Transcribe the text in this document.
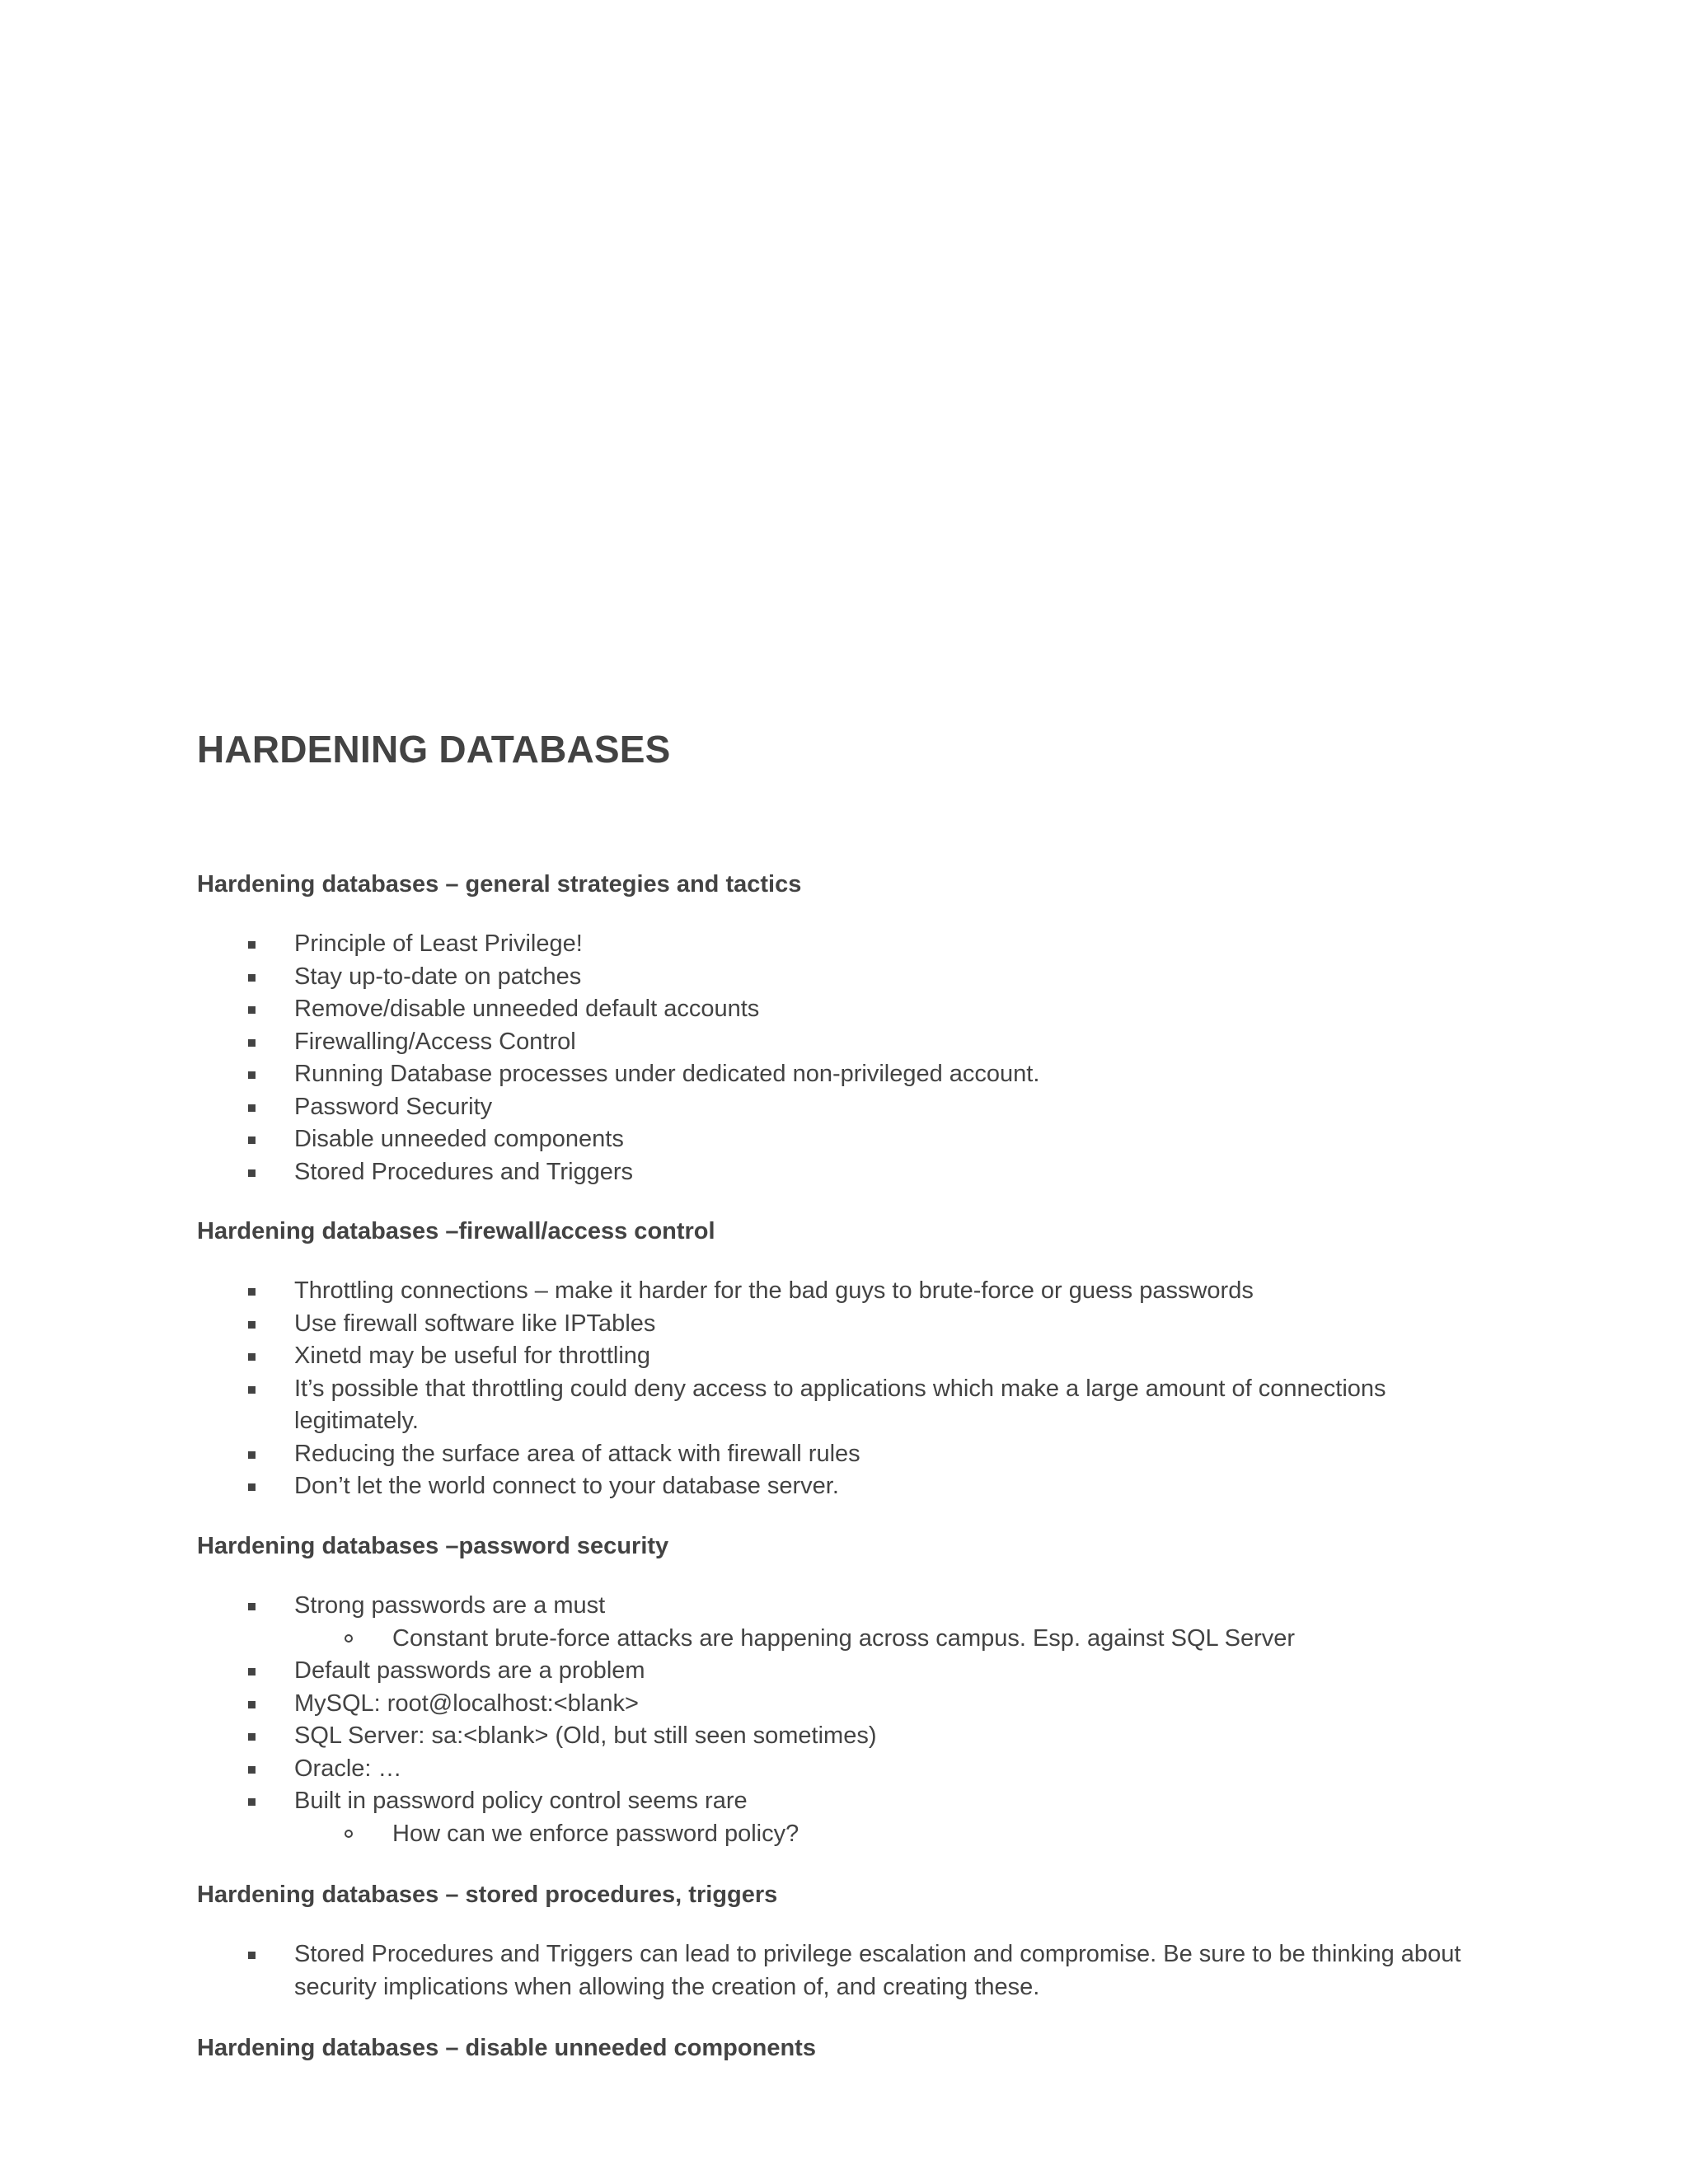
HARDENING DATABASES
Hardening databases – general strategies and tactics
Principle of Least Privilege!
Stay up-to-date on patches
Remove/disable unneeded default accounts
Firewalling/Access Control
Running Database processes under dedicated non-privileged account.
Password Security
Disable unneeded components
Stored Procedures and Triggers
Hardening databases –firewall/access control
Throttling connections – make it harder for the bad guys to brute-force or guess passwords
Use firewall software like IPTables
Xinetd may be useful for throttling
It’s possible that throttling could deny access to applications which make a large amount of connections legitimately.
Reducing the surface area of attack with firewall rules
Don’t let the world connect to your database server.
Hardening databases –password security
Strong passwords are a must
Constant brute-force attacks are happening across campus. Esp. against SQL Server
Default passwords are a problem
MySQL: root@localhost:<blank>
SQL Server: sa:<blank> (Old, but still seen sometimes)
Oracle: …
Built in password policy control seems rare
How can we enforce password policy?
Hardening databases – stored procedures, triggers
Stored Procedures and Triggers can lead to privilege escalation and compromise. Be sure to be thinking about security implications when allowing the creation of, and creating these.
Hardening databases – disable unneeded components
